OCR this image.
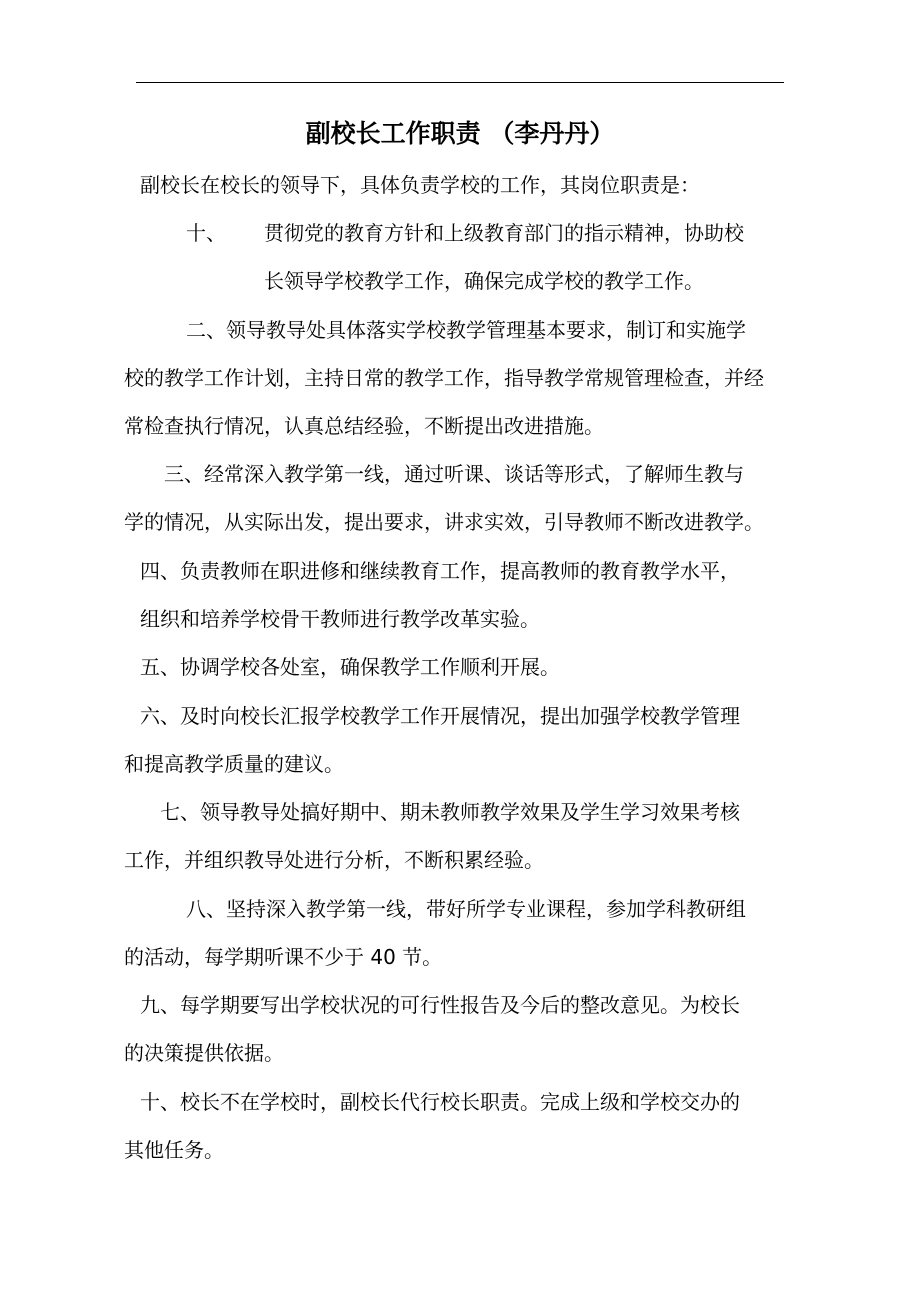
副校长工作职责 （李丹丹）
副校长在校长的领导下，具体负责学校的工作，其岗位职责是：
十、 贯彻党的教育方针和上级教育部门的指示精神，协助校
长领导学校教学工作，确保完成学校的教学工作。
二、领导教导处具体落实学校教学管理基本要求，制订和实施学
校的教学工作计划，主持日常的教学工作，指导教学常规管理检查，并经
常检查执行情况，认真总结经验，不断提出改进措施。
三、经常深入教学第一线，通过听课、谈话等形式，了解师生教与
学的情况，从实际出发，提出要求，讲求实效，引导教师不断改进教学。
四、负责教师在职进修和继续教育工作，提高教师的教育教学水平，
组织和培养学校骨干教师进行教学改革实验。
五、协调学校各处室，确保教学工作顺利开展。
六、及时向校长汇报学校教学工作开展情况，提出加强学校教学管理
和提高教学质量的建议。
七、领导教导处搞好期中、期未教师教学效果及学生学习效果考核
工作，并组织教导处进行分析，不断积累经验。
八、坚持深入教学第一线，带好所学专业课程，参加学科教研组
的活动，每学期听课不少于 40 节。
九、每学期要写出学校状况的可行性报告及今后的整改意见。为校长
的决策提供依据。
十、校长不在学校时，副校长代行校长职责。完成上级和学校交办的
其他任务。
